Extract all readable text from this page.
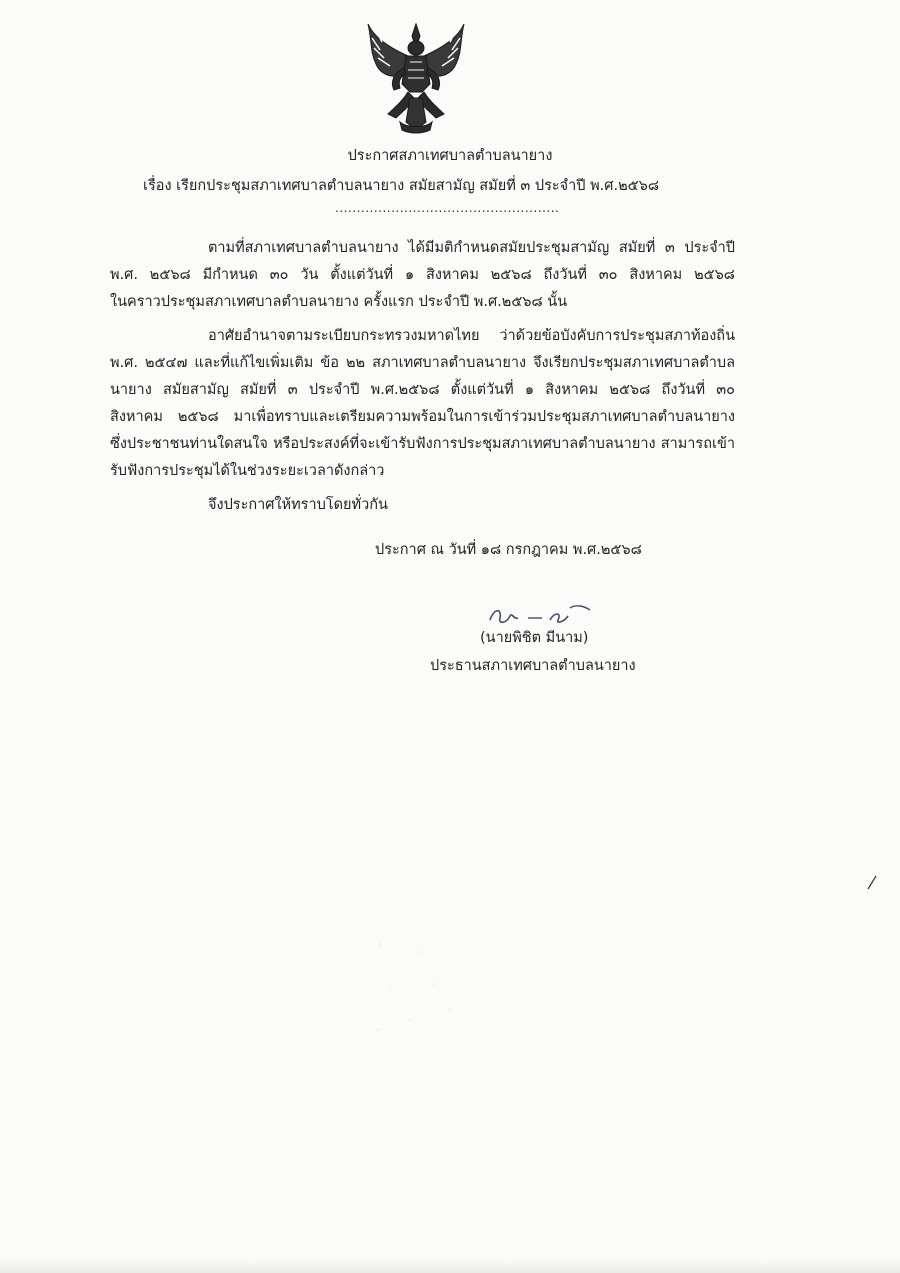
ประกาศสภาเทศบาลตำบลนายาง
เรื่อง เรียกประชุมสภาเทศบาลตำบลนายาง สมัยสามัญ สมัยที่ ๓ ประจำปี พ.ศ.๒๕๖๘
....................................................
ตามที่สภาเทศบาลตำบลนายาง ได้มีมติกำหนดสมัยประชุมสามัญ สมัยที่ ๓ ประจำปี
พ.ศ. ๒๕๖๘ มีกำหนด ๓๐ วัน ตั้งแต่วันที่ ๑ สิงหาคม ๒๕๖๘ ถึงวันที่ ๓๐ สิงหาคม ๒๕๖๘
ในคราวประชุมสภาเทศบาลตำบลนายาง ครั้งแรก ประจำปี พ.ศ.๒๕๖๘ นั้น
อาศัยอำนาจตามระเบียบกระทรวงมหาดไทย ว่าด้วยข้อบังคับการประชุมสภาท้องถิ่น
พ.ศ. ๒๕๔๗ และที่แก้ไขเพิ่มเติม ข้อ ๒๒ สภาเทศบาลตำบลนายาง จึงเรียกประชุมสภาเทศบาลตำบล
นายาง สมัยสามัญ สมัยที่ ๓ ประจำปี พ.ศ.๒๕๖๘ ตั้งแต่วันที่ ๑ สิงหาคม ๒๕๖๘ ถึงวันที่ ๓๐
สิงหาคม ๒๕๖๘ มาเพื่อทราบและเตรียมความพร้อมในการเข้าร่วมประชุมสภาเทศบาลตำบลนายาง
ซึ่งประชาชนท่านใดสนใจ หรือประสงค์ที่จะเข้ารับฟังการประชุมสภาเทศบาลตำบลนายาง สามารถเข้า
รับฟังการประชุมได้ในช่วงระยะเวลาดังกล่าว
จึงประกาศให้ทราบโดยทั่วกัน
ประกาศ ณ วันที่ ๑๘ กรกฎาคม พ.ศ.๒๕๖๘
(นายพิชิต มีนาม)
ประธานสภาเทศบาลตำบลนายาง
